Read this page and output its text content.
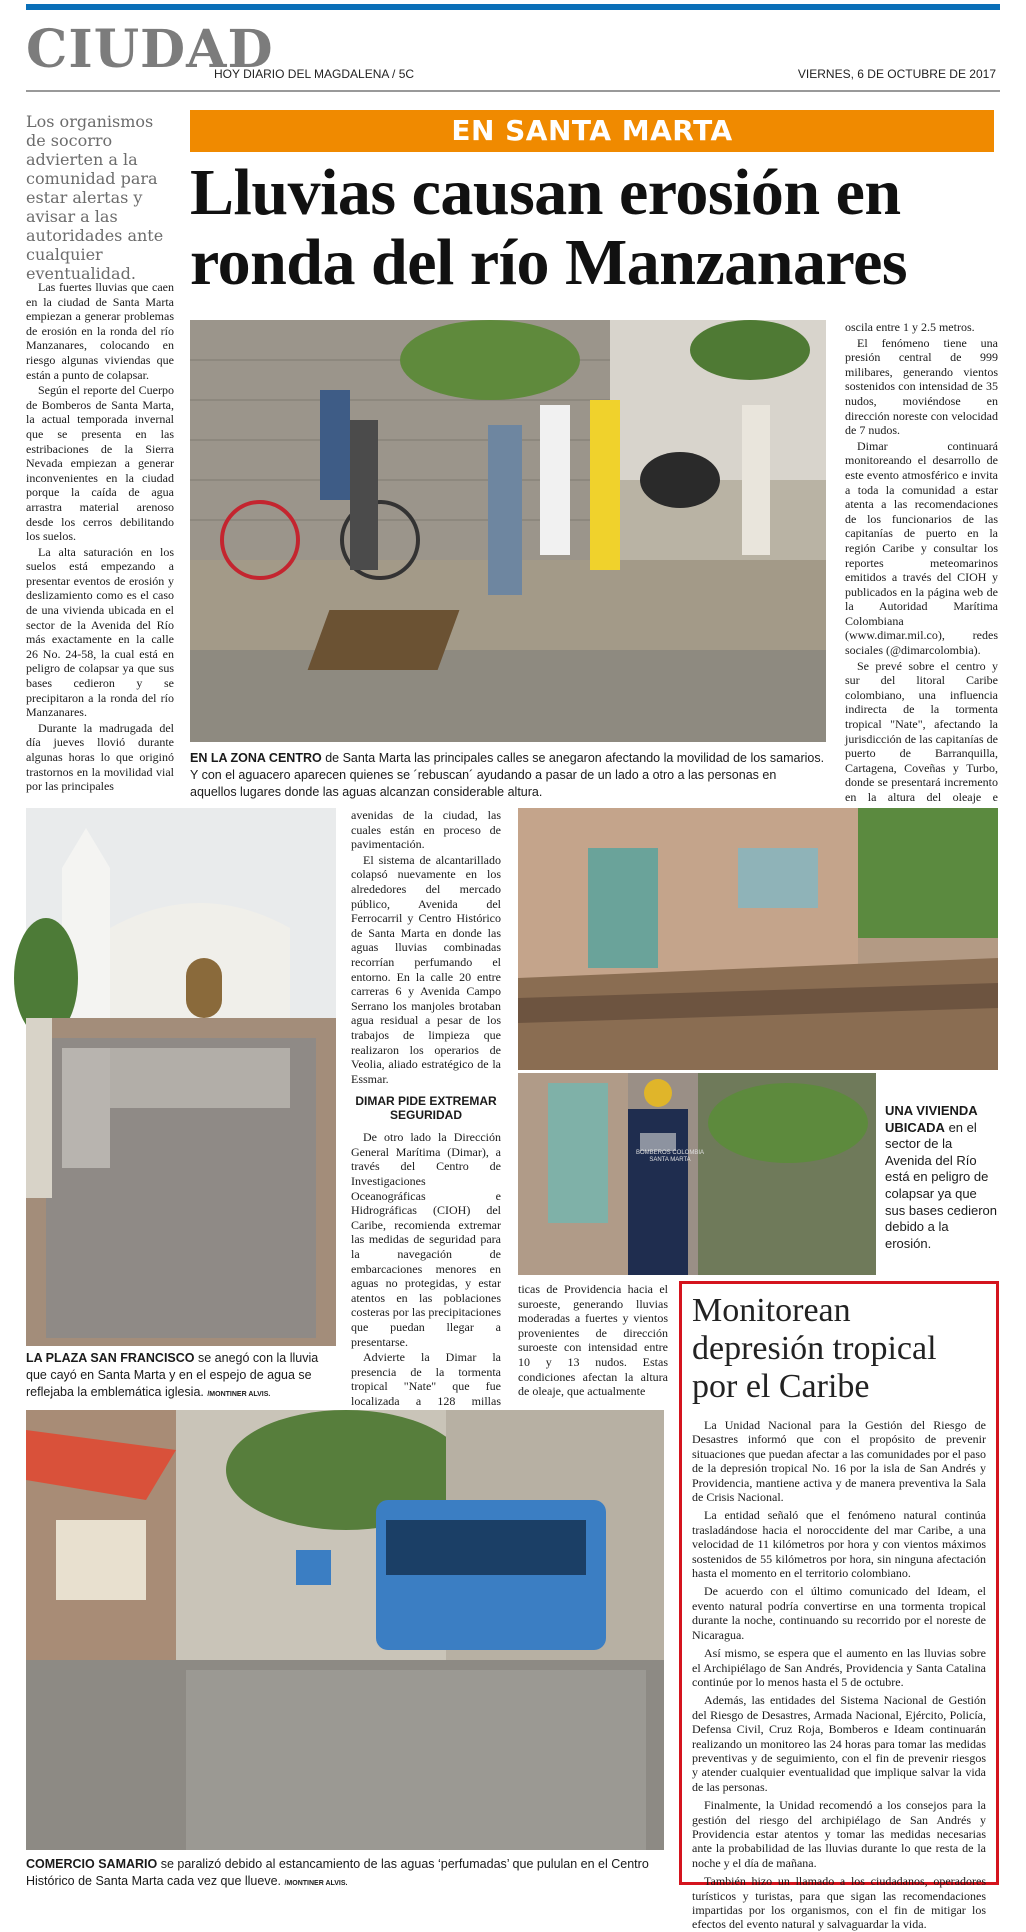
CIUDAD
HOY DIARIO DEL MAGDALENA / 5C	VIERNES, 6 DE OCTUBRE DE 2017
Los organismos de socorro advierten a la comunidad para estar alertas y avisar a las autoridades ante cualquier eventualidad.
EN SANTA MARTA
Lluvias causan erosión en ronda del río Manzanares

Las fuertes lluvias que caen en la ciudad de Santa Marta empiezan a generar problemas de erosión en la ronda del río Manzanares, colocando en riesgo algunas viviendas que están a punto de colapsar.

Según el reporte del Cuerpo de Bomberos de Santa Marta, la actual temporada invernal que se presenta en las estribaciones de la Sierra Nevada empiezan a generar inconvenientes en la ciudad porque la caída de agua arrastra material arenoso desde los cerros debilitando los suelos.

La alta saturación en los suelos está empezando a presentar eventos de erosión y deslizamiento como es el caso de una vivienda ubicada en el sector de la Avenida del Río más exactamente en la calle 26 No. 24-58, la cual está en peligro de colapsar ya que sus bases cedieron y se precipitaron a la ronda del río Manzanares.

Durante la madrugada del día jueves llovió durante algunas horas lo que originó trastornos en la movilidad vial por las principales

oscila entre 1 y 2.5 metros.

El fenómeno tiene una presión central de 999 milibares, generando vientos sostenidos con intensidad de 35 nudos, moviéndose en dirección noreste con velocidad de 7 nudos.

Dimar continuará monitoreando el desarrollo de este evento atmosférico e invita a toda la comunidad a estar atenta a las recomendaciones de los funcionarios de las capitanías de puerto en la región Caribe y consultar los reportes meteomarinos emitidos a través del CIOH y publicados en la página web de la Autoridad Marítima Colombiana (www.dimar.mil.co), redes sociales (@dimarcolombia).

Se prevé sobre el centro y sur del litoral Caribe colombiano, una influencia indirecta de la tormenta tropical "Nate", afectando la jurisdicción de las capitanías de puerto de Barranquilla, Cartagena, Coveñas y Turbo, donde se presentará incremento en la altura del oleaje e

EN LA ZONA CENTRO de Santa Marta las principales calles se anegaron afectando la movilidad de los samarios. Y con el aguacero aparecen quienes se ´rebuscan´ ayudando a pasar de un lado a otro a las personas en aquellos lugares donde las aguas alcanzan considerable altura.

avenidas de la ciudad, las cuales están en proceso de pavimentación.

El sistema de alcantarillado colapsó nuevamente en los alrededores del mercado público, Avenida del Ferrocarril y Centro Histórico de Santa Marta en donde las aguas lluvias combinadas recorrían perfumando el entorno. En la calle 20 entre carreras 6 y Avenida Campo Serrano los manjoles brotaban agua residual a pesar de los trabajos de limpieza que realizaron los operarios de Veolia, aliado estratégico de la Essmar.

DIMAR PIDE EXTREMAR SEGURIDAD

De otro lado la Dirección General Marítima (Dimar), a través del Centro de Investigaciones Oceanográficas e Hidrográficas (CIOH) del Caribe, recomienda extremar las medidas de seguridad para la navegación de embarcaciones menores en aguas no protegidas, y estar atentos en las poblaciones costeras por las precipitaciones que puedan llegar a presentarse.

Advierte la Dimar la presencia de la tormenta tropical "Nate" que fue localizada a 128 millas

UNA VIVIENDA UBICADA en el sector de la Avenida del Río está en peligro de colapsar ya que sus bases cedieron debido a la erosión.

ticas de Providencia hacia el suroeste, generando lluvias moderadas a fuertes y vientos provenientes de dirección suroeste con intensidad entre 10 y 13 nudos. Estas condiciones afectan la altura de oleaje, que actualmente

LA PLAZA SAN FRANCISCO se anegó con la lluvia que cayó en Santa Marta y en el espejo de agua se reflejaba la emblemática iglesia. /MONTINER ALVIS.
COMERCIO SAMARIO se paralizó debido al estancamiento de las aguas ‘perfumadas’ que pululan en el Centro Histórico de Santa Marta cada vez que llueve. /MONTINER ALVIS.
Monitorean depresión tropical por el Caribe

La Unidad Nacional para la Gestión del Riesgo de Desastres informó que con el propósito de prevenir situaciones que puedan afectar a las comunidades por el paso de la depresión tropical No. 16 por la isla de San Andrés y Providencia, mantiene activa y de manera preventiva la Sala de Crisis Nacional.

La entidad señaló que el fenómeno natural continúa trasladándose hacia el noroccidente del mar Caribe, a una velocidad de 11 kilómetros por hora y con vientos máximos sostenidos de 55 kilómetros por hora, sin ninguna afectación hasta el momento en el territorio colombiano.

De acuerdo con el último comunicado del Ideam, el evento natural podría convertirse en una tormenta tropical durante la noche, continuando su recorrido por el noreste de Nicaragua.

Así mismo, se espera que el aumento en las lluvias sobre el Archipiélago de San Andrés, Providencia y Santa Catalina continúe por lo menos hasta el 5 de octubre.

Además, las entidades del Sistema Nacional de Gestión del Riesgo de Desastres, Armada Nacional, Ejército, Policía, Defensa Civil, Cruz Roja, Bomberos e Ideam continuarán realizando un monitoreo las 24 horas para tomar las medidas preventivas y de seguimiento, con el fin de prevenir riesgos y atender cualquier eventualidad que implique salvar la vida de las personas.

Finalmente, la Unidad recomendó a los consejos para la gestión del riesgo del archipiélago de San Andrés y Providencia estar atentos y tomar las medidas necesarias ante la probabilidad de las lluvias durante lo que resta de la noche y el día de mañana.

También hizo un llamado a los ciudadanos, operadores turísticos y turistas, para que sigan las recomendaciones impartidas por los organismos, con el fin de mitigar los efectos del evento natural y salvaguardar la vida.

BOMBEROS COLOMBIA SANTA MARTA
